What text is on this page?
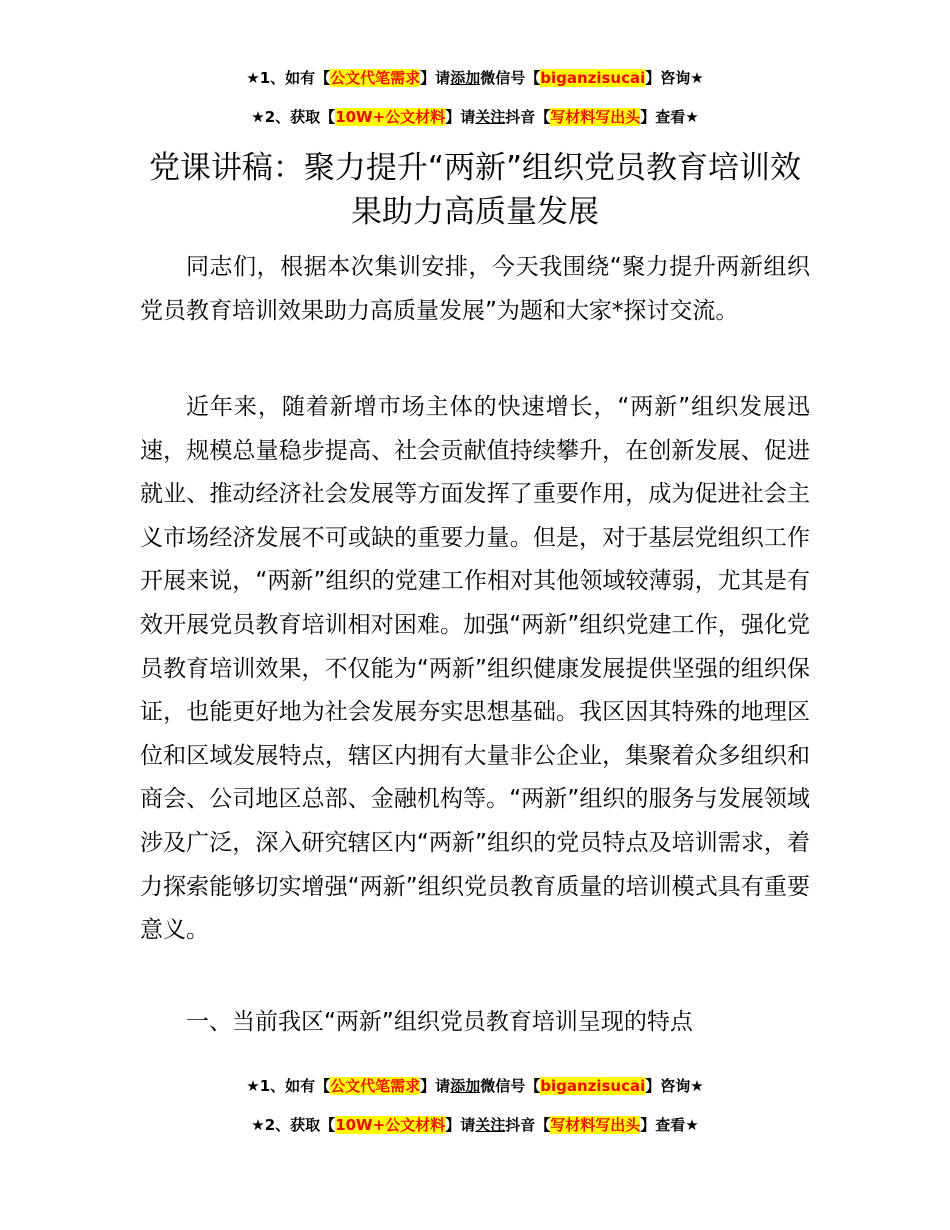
★1、如有【公文代笔需求】请添加微信号【biganzisucai】咨询★
★2、获取【10W+公文材料】请关注抖音【写材料写出头】查看★
党课讲稿：聚力提升“两新”组织党员教育培训效果助力高质量发展

同志们，根据本次集训安排，今天我围绕“聚力提升两新组织党员教育培训效果助力高质量发展”为题和大家*探讨交流。

近年来，随着新增市场主体的快速增长，“两新”组织发展迅速，规模总量稳步提高、社会贡献值持续攀升，在创新发展、促进就业、推动经济社会发展等方面发挥了重要作用，成为促进社会主义市场经济发展不可或缺的重要力量。但是，对于基层党组织工作开展来说，“两新”组织的党建工作相对其他领域较薄弱，尤其是有效开展党员教育培训相对困难。加强“两新”组织党建工作，强化党员教育培训效果，不仅能为“两新”组织健康发展提供坚强的组织保证，也能更好地为社会发展夯实思想基础。我区因其特殊的地理区位和区域发展特点，辖区内拥有大量非公企业，集聚着众多组织和商会、公司地区总部、金融机构等。“两新”组织的服务与发展领域涉及广泛，深入研究辖区内“两新”组织的党员特点及培训需求，着力探索能够切实增强“两新”组织党员教育质量的培训模式具有重要意义。

一、当前我区“两新”组织党员教育培训呈现的特点

★1、如有【公文代笔需求】请添加微信号【biganzisucai】咨询★
★2、获取【10W+公文材料】请关注抖音【写材料写出头】查看★
